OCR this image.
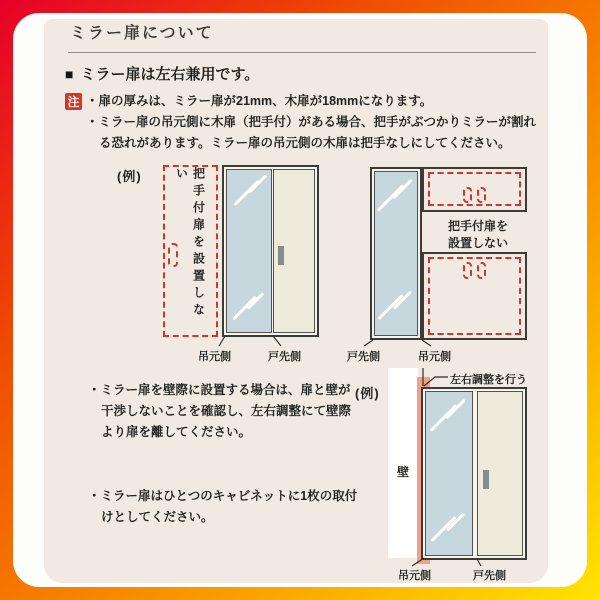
ミラー扉について
■ ミラー扉は左右兼用です。
注 ・扉の厚みは、ミラー扉が21mm、木扉が18mmになります。
・ミラー扉の吊元側に木扉（把手付）がある場合、把手がぶつかりミラーが割れる恐れがあります。ミラー扉の吊元側の木扉は把手なしにしてください。
(例)	把手付扉を設置しない
吊元側	戸先側
把手付扉を
設置しない
戸先側	吊元側
・ミラー扉を壁際に設置する場合は、扉と壁が干渉しないことを確認し、左右調整にて壁際より扉を離してください。
(例)
・ミラー扉はひとつのキャビネットに1枚の取付けとしてください。
壁
左右調整を行う
吊元側	戸先側
